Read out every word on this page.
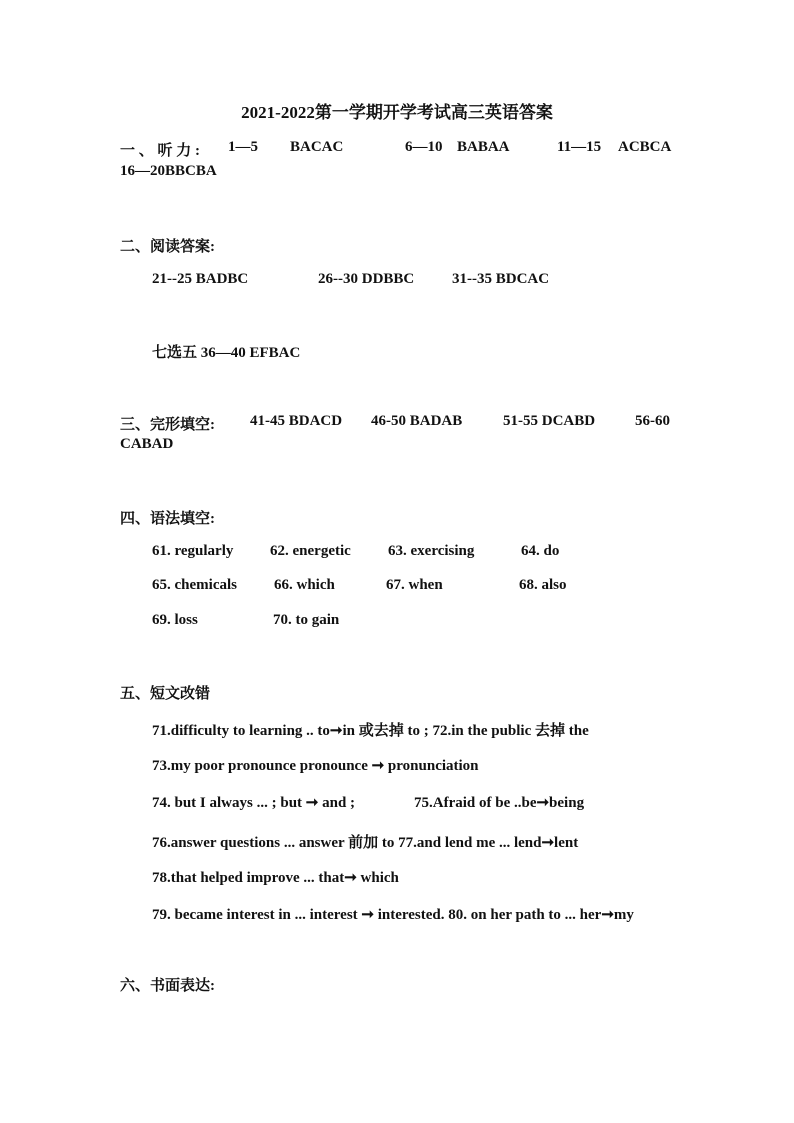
2021-2022第一学期开学考试高三英语答案
一 、 听 力 : 1—5 BACAC	6—10 BABAA	11—15 ACBCA
16—20BBCBA
二、阅读答案:
21--25 BADBC	26--30 DDBBC	31--35 BDCAC
七选五 36—40 EFBAC
三、完形填空: 41-45 BDACD 46-50 BADAB	51-55 DCABD	56-60
CABAD
四、语法填空:
61. regularly 62. energetic 63. exercising	64. do
65. chemicals 66. which	67. when	68. also
69. loss	70. to gain
五、短文改错
71.difficulty to learning .. to➞in 或去掉 to ; 72.in the public 去掉 the
73.my poor pronounce pronounce ➞ pronunciation
74. but I always ... ; but ➞ and ;	75.Afraid of be ..be➞being
76.answer questions ... answer 前加 to 77.and lend me ... lend➞lent
78.that helped improve ... that➞ which
79. became interest in ... interest ➞ interested. 80. on her path to ... her➞my
六、书面表达:
